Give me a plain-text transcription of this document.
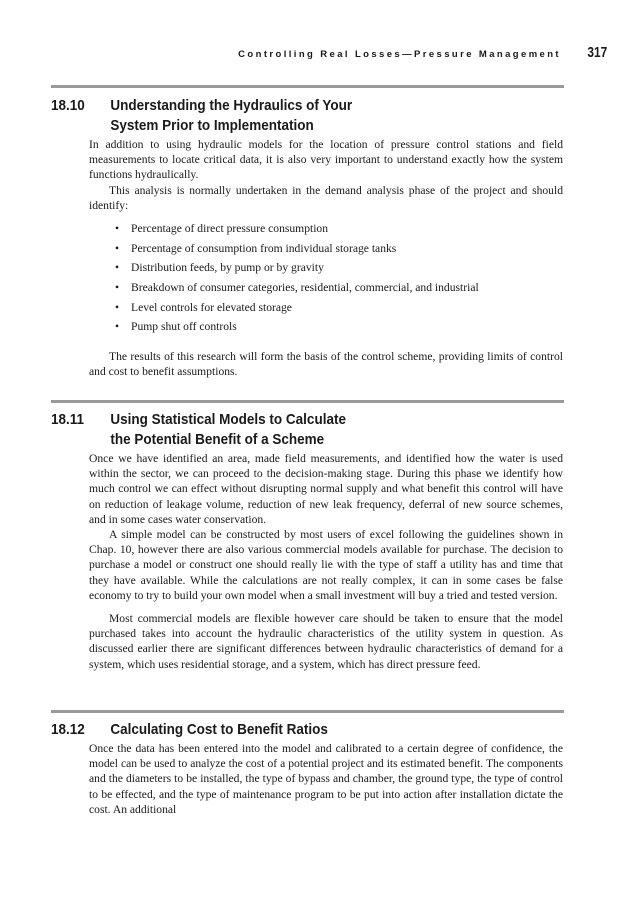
Controlling Real Losses—Pressure Management 317
18.10 Understanding the Hydraulics of Your
System Prior to Implementation

In addition to using hydraulic models for the location of pressure control stations and field measurements to locate critical data, it is also very important to understand exactly how the system functions hydraulically.

This analysis is normally undertaken in the demand analysis phase of the project and should identify:

• Percentage of direct pressure consumption
• Percentage of consumption from individual storage tanks
• Distribution feeds, by pump or by gravity
• Breakdown of consumer categories, residential, commercial, and industrial
• Level controls for elevated storage
• Pump shut off controls

The results of this research will form the basis of the control scheme, providing limits of control and cost to benefit assumptions.

18.11 Using Statistical Models to Calculate
the Potential Benefit of a Scheme

Once we have identified an area, made field measurements, and identified how the water is used within the sector, we can proceed to the decision-making stage. During this phase we identify how much control we can effect without disrupting normal supply and what benefit this control will have on reduction of leakage volume, reduction of new leak frequency, deferral of new source schemes, and in some cases water conservation.

A simple model can be constructed by most users of excel following the guidelines shown in Chap. 10, however there are also various commercial models available for purchase. The decision to purchase a model or construct one should really lie with the type of staff a utility has and time that they have available. While the calculations are not really complex, it can in some cases be false economy to try to build your own model when a small investment will buy a tried and tested version.

Most commercial models are flexible however care should be taken to ensure that the model purchased takes into account the hydraulic characteristics of the utility system in question. As discussed earlier there are significant differences between hydraulic characteristics of demand for a system, which uses residential storage, and a system, which has direct pressure feed.

18.12 Calculating Cost to Benefit Ratios

Once the data has been entered into the model and calibrated to a certain degree of confidence, the model can be used to analyze the cost of a potential project and its estimated benefit. The components and the diameters to be installed, the type of bypass and chamber, the ground type, the type of control to be effected, and the type of maintenance program to be put into action after installation dictate the cost. An additional
